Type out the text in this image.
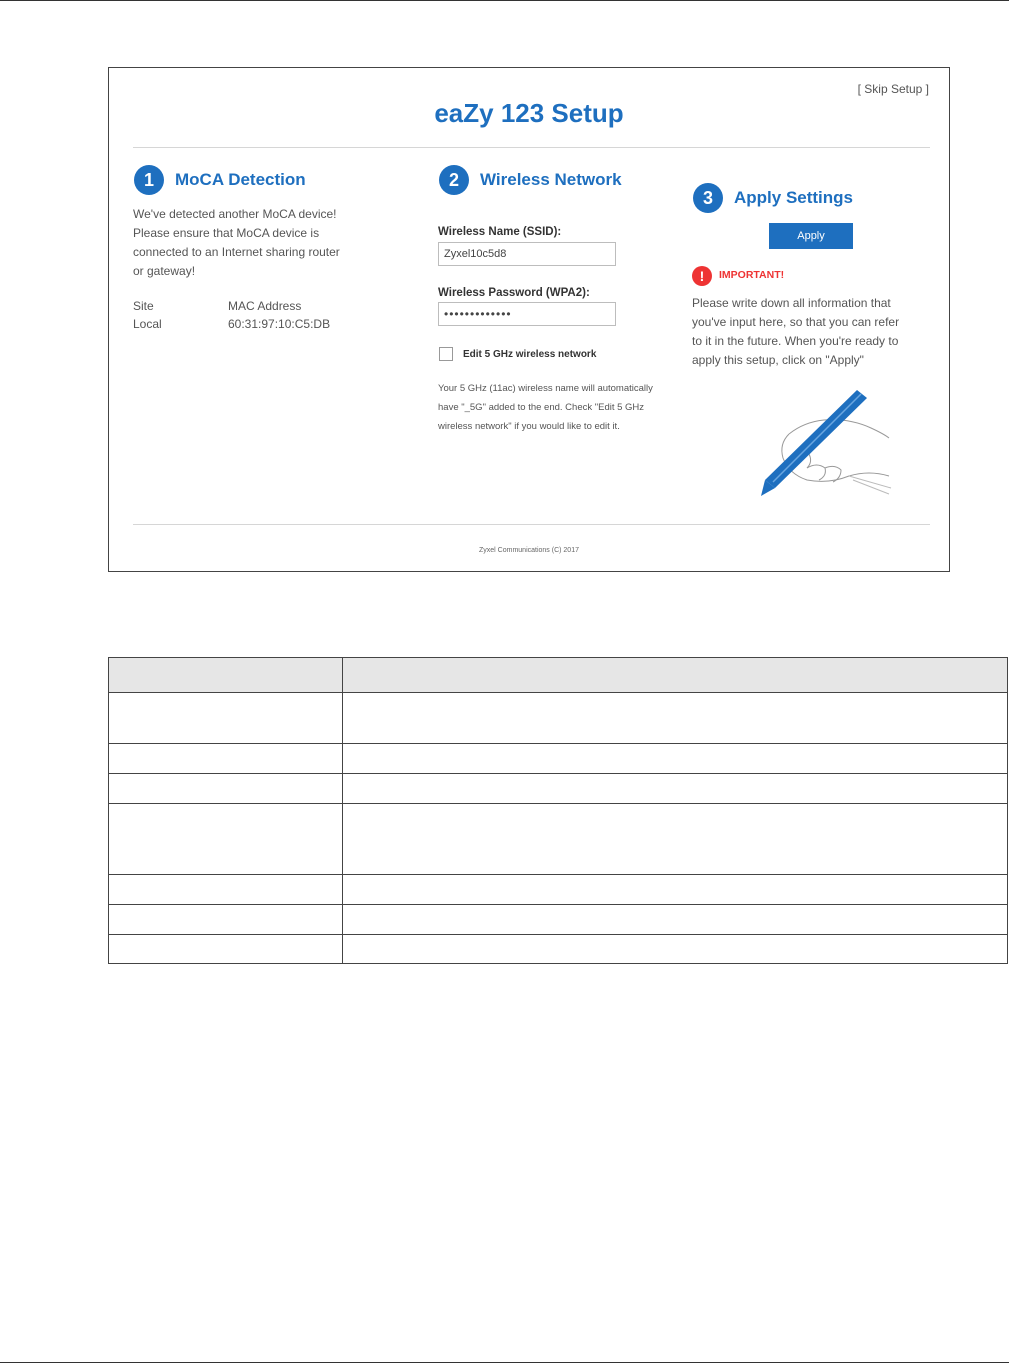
[ Skip Setup ]
eaZy 123 Setup
1	MoCA Detection
We've detected another MoCA device!
Please ensure that MoCA device is
connected to an Internet sharing router
or gateway!
Site	MAC Address
Local	60:31:97:10:C5:DB
2	Wireless Network
Wireless Name (SSID):
Zyxel10c5d8
Wireless Password (WPA2):
•••••••••••••
Edit 5 GHz wireless network
Your 5 GHz (11ac) wireless name will automatically
have "_5G" added to the end. Check "Edit 5 GHz
wireless network" if you would like to edit it.
3	Apply Settings
Apply
!	IMPORTANT!
Please write down all information that
you've input here, so that you can refer
to it in the future. When you're ready to
apply this setup, click on "Apply"
Zyxel Communications (C) 2017
